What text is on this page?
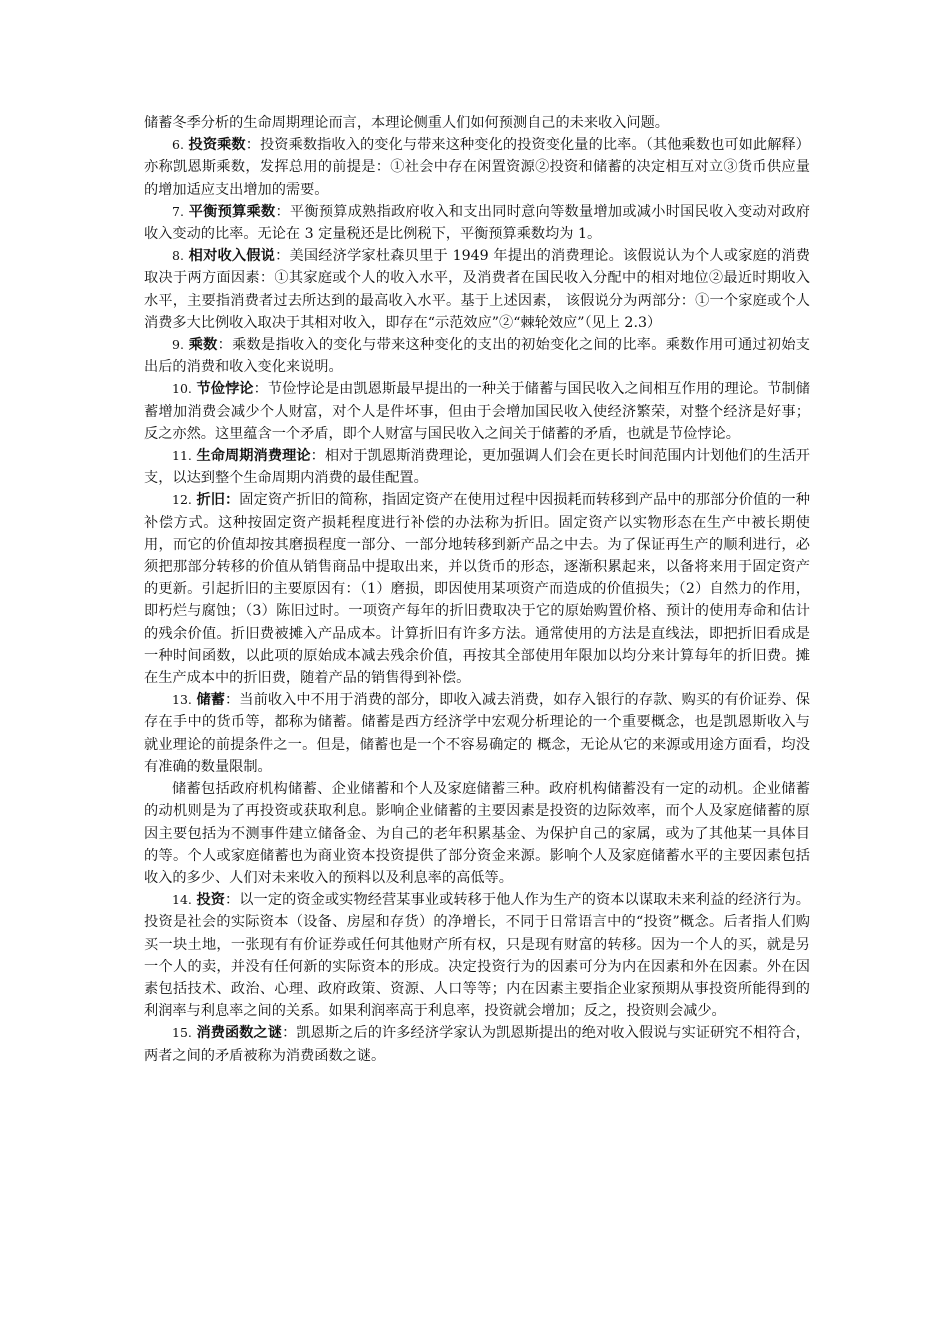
储蓄冬季分析的生命周期理论而言，本理论侧重人们如何预测自己的未来收入问题。

6. 投资乘数：投资乘数指收入的变化与带来这种变化的投资变化量的比率。（其他乘数也可如此解释）亦称凯恩斯乘数，发挥总用的前提是：①社会中存在闲置资源②投资和储蓄的决定相互对立③货币供应量的增加适应支出增加的需要。

7. 平衡预算乘数：平衡预算成熟指政府收入和支出同时意向等数量增加或减小时国民收入变动对政府收入变动的比率。无论在 3 定量税还是比例税下，平衡预算乘数均为 1。

8. 相对收入假说：美国经济学家杜森贝里于 1949 年提出的消费理论。该假说认为个人或家庭的消费取决于两方面因素：①其家庭或个人的收入水平，及消费者在国民收入分配中的相对地位②最近时期收入水平，主要指消费者过去所达到的最高收入水平。基于上述因素， 该假说分为两部分：①一个家庭或个人消费多大比例收入取决于其相对收入，即存在“示范效应”②“棘轮效应”（见上 2.3）

9. 乘数：乘数是指收入的变化与带来这种变化的支出的初始变化之间的比率。乘数作用可通过初始支出后的消费和收入变化来说明。

10. 节俭悖论：节俭悖论是由凯恩斯最早提出的一种关于储蓄与国民收入之间相互作用的理论。节制储蓄增加消费会减少个人财富，对个人是件坏事，但由于会增加国民收入使经济繁荣，对整个经济是好事；反之亦然。这里蕴含一个矛盾，即个人财富与国民收入之间关于储蓄的矛盾，也就是节俭悖论。

11. 生命周期消费理论：相对于凯恩斯消费理论，更加强调人们会在更长时间范围内计划他们的生活开支，以达到整个生命周期内消费的最佳配置。

12. 折旧：固定资产折旧的简称，指固定资产在使用过程中因损耗而转移到产品中的那部分价值的一种补偿方式。这种按固定资产损耗程度进行补偿的办法称为折旧。固定资产以实物形态在生产中被长期使用，而它的价值却按其磨损程度一部分、一部分地转移到新产品之中去。为了保证再生产的顺利进行，必须把那部分转移的价值从销售商品中提取出来，并以货币的形态，逐渐积累起来，以备将来用于固定资产的更新。引起折旧的主要原因有：（1）磨损，即因使用某项资产而造成的价值损失；（2）自然力的作用，即朽烂与腐蚀；（3）陈旧过时。一项资产每年的折旧费取决于它的原始购置价格、预计的使用寿命和估计的残余价值。折旧费被摊入产品成本。计算折旧有许多方法。通常使用的方法是直线法，即把折旧看成是一种时间函数，以此项的原始成本减去残余价值，再按其全部使用年限加以均分来计算每年的折旧费。摊在生产成本中的折旧费，随着产品的销售得到补偿。

13. 储蓄：当前收入中不用于消费的部分，即收入减去消费，如存入银行的存款、购买的有价证券、保存在手中的货币等，都称为储蓄。储蓄是西方经济学中宏观分析理论的一个重要概念，也是凯恩斯收入与就业理论的前提条件之一。但是，储蓄也是一个不容易确定的 概念，无论从它的来源或用途方面看，均没有准确的数量限制。

储蓄包括政府机构储蓄、企业储蓄和个人及家庭储蓄三种。政府机构储蓄没有一定的动机。企业储蓄的动机则是为了再投资或获取利息。影响企业储蓄的主要因素是投资的边际效率，而个人及家庭储蓄的原因主要包括为不测事件建立储备金、为自己的老年积累基金、为保护自己的家属，或为了其他某一具体目的等。个人或家庭储蓄也为商业资本投资提供了部分资金来源。影响个人及家庭储蓄水平的主要因素包括收入的多少、人们对未来收入的预料以及利息率的高低等。

14. 投资：以一定的资金或实物经营某事业或转移于他人作为生产的资本以谋取未来利益的经济行为。投资是社会的实际资本（设备、房屋和存货）的净增长，不同于日常语言中的“投资”概念。后者指人们购买一块土地，一张现有有价证券或任何其他财产所有权，只是现有财富的转移。因为一个人的买，就是另一个人的卖，并没有任何新的实际资本的形成。决定投资行为的因素可分为内在因素和外在因素。外在因素包括技术、政治、心理、政府政策、资源、人口等等；内在因素主要指企业家预期从事投资所能得到的利润率与利息率之间的关系。如果利润率高于利息率，投资就会增加；反之，投资则会减少。

15. 消费函数之谜：凯恩斯之后的许多经济学家认为凯恩斯提出的绝对收入假说与实证研究不相符合，两者之间的矛盾被称为消费函数之谜。
